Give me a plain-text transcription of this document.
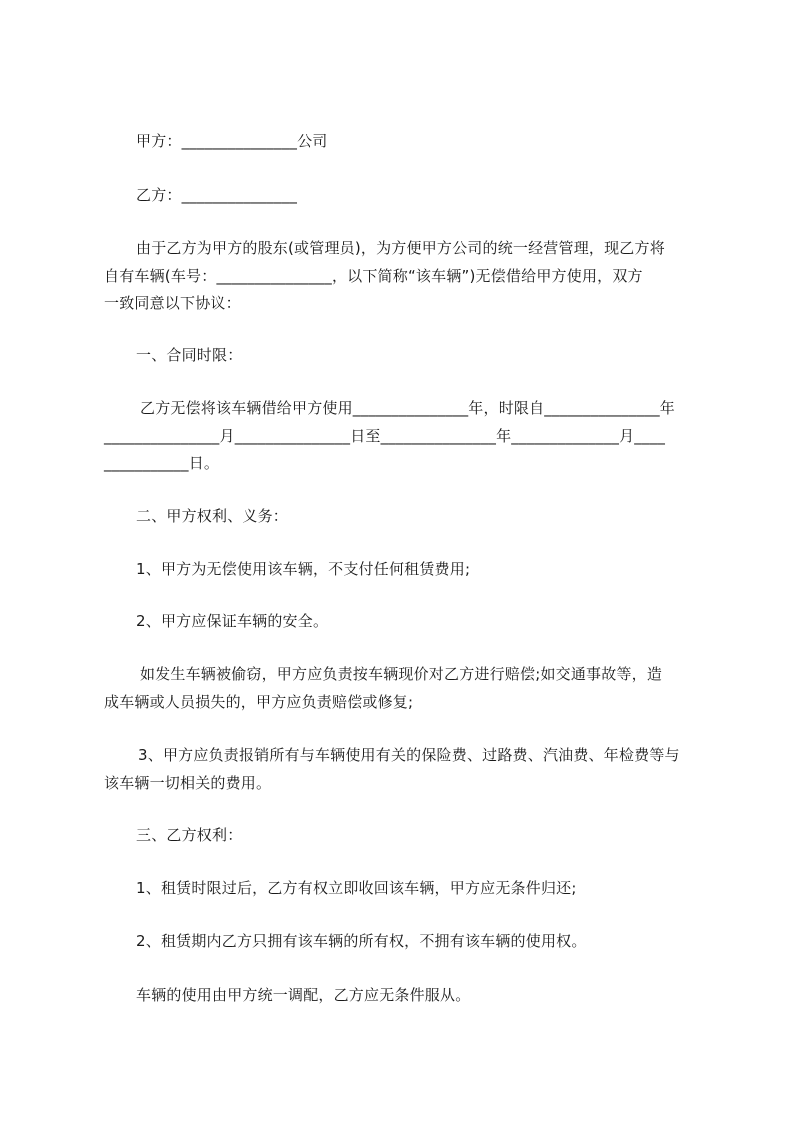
甲方：_______________公司
乙方：_______________
由于乙方为甲方的股东(或管理员)，为方便甲方公司的统一经营管理，现乙方将
自有车辆(车号：_______________，以下简称“该车辆”)无偿借给甲方使用，双方
一致同意以下协议：
一、合同时限：
乙方无偿将该车辆借给甲方使用_______________年，时限自_______________年
_______________月_______________日至_______________年______________月____
___________日。
二、甲方权利、义务：
1、甲方为无偿使用该车辆，不支付任何租赁费用;
2、甲方应保证车辆的安全。
如发生车辆被偷窃，甲方应负责按车辆现价对乙方进行赔偿;如交通事故等，造
成车辆或人员损失的，甲方应负责赔偿或修复;
3、甲方应负责报销所有与车辆使用有关的保险费、过路费、汽油费、年检费等与
该车辆一切相关的费用。
三、乙方权利：
1、租赁时限过后，乙方有权立即收回该车辆，甲方应无条件归还;
2、租赁期内乙方只拥有该车辆的所有权，不拥有该车辆的使用权。
车辆的使用由甲方统一调配，乙方应无条件服从。
